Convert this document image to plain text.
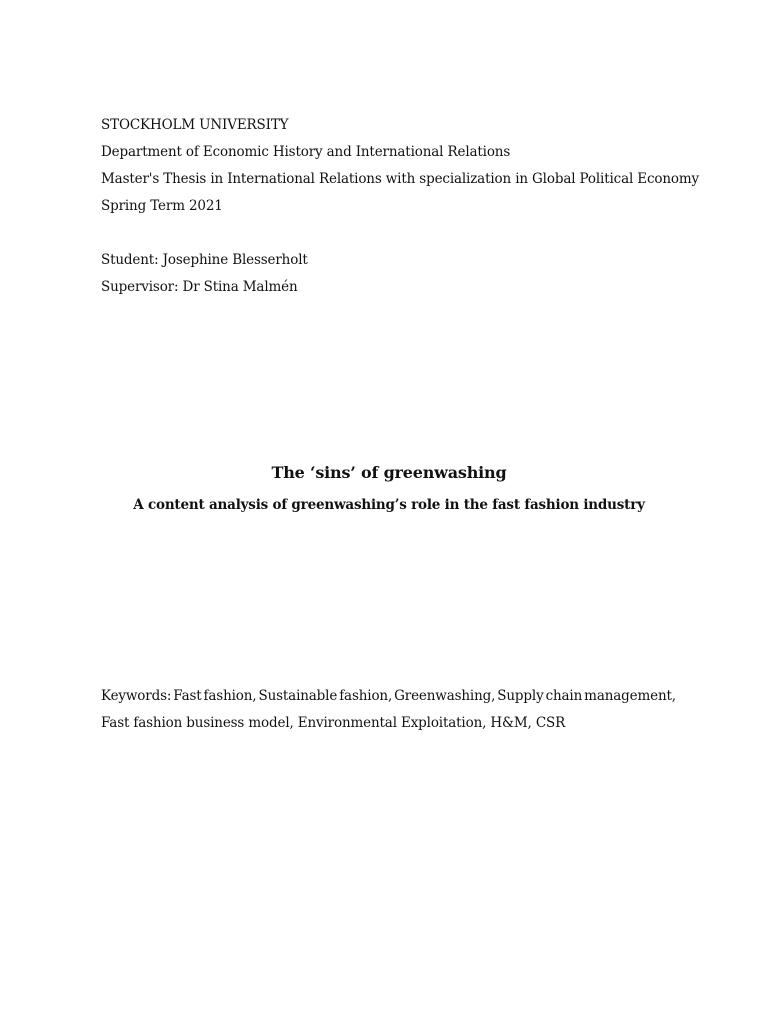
STOCKHOLM UNIVERSITY
Department of Economic History and International Relations
Master's Thesis in International Relations with specialization in Global Political Economy
Spring Term 2021
Student: Josephine Blesserholt
Supervisor: Dr Stina Malmén
The ‘sins’ of greenwashing
A content analysis of greenwashing’s role in the fast fashion industry
Keywords: Fast fashion, Sustainable fashion, Greenwashing, Supply chain management,
Fast fashion business model, Environmental Exploitation, H&M, CSR
